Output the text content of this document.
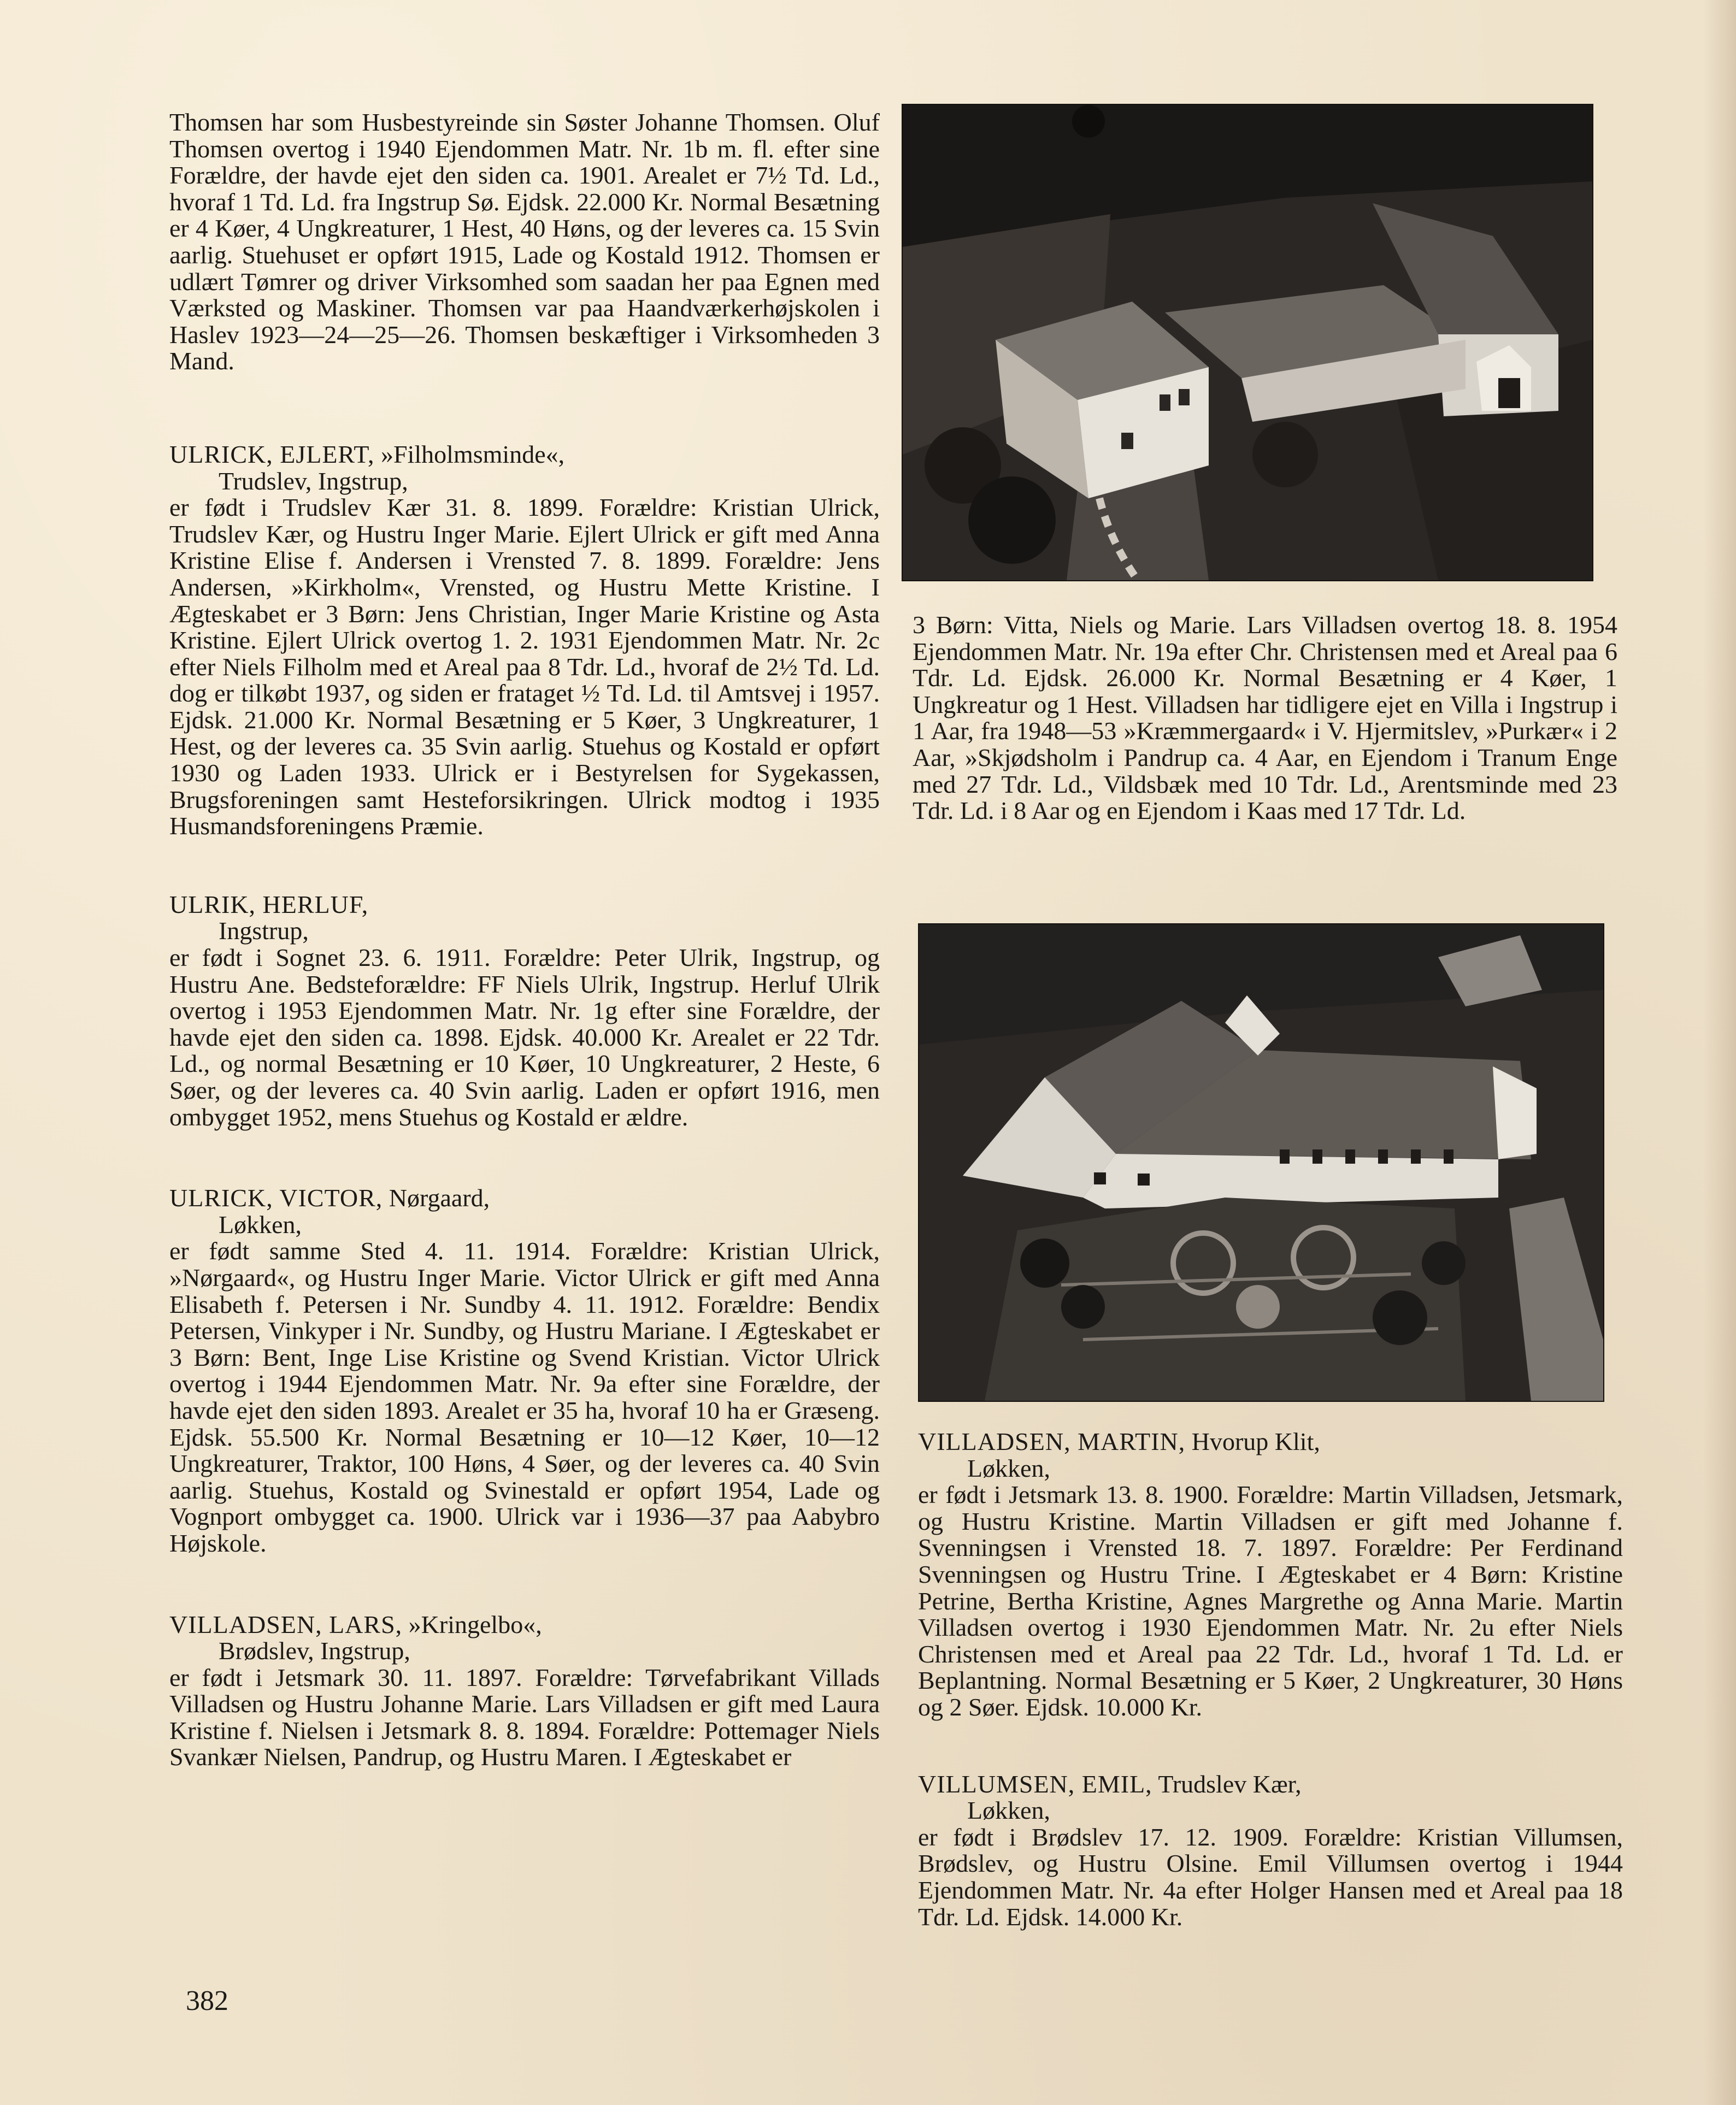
Thomsen har som Husbestyreinde sin Søster Johanne Thomsen. Oluf Thomsen overtog i 1940 Ejendommen Matr. Nr. 1b m. fl. efter sine Forældre, der havde ejet den siden ca. 1901. Arealet er 7½ Td. Ld., hvoraf 1 Td. Ld. fra Ingstrup Sø. Ejdsk. 22.000 Kr. Normal Besætning er 4 Køer, 4 Ungkreaturer, 1 Hest, 40 Høns, og der leveres ca. 15 Svin aarlig. Stuehuset er opført 1915, Lade og Kostald 1912. Thomsen er udlært Tømrer og driver Virksomhed som saadan her paa Egnen med Værksted og Maskiner. Thomsen var paa Haandværkerhøjskolen i Haslev 1923—24—25—26. Thomsen beskæftiger i Virksomheden 3 Mand.

ULRICK, EJLERT, »Filholmsminde«,
Trudslev, Ingstrup,

er født i Trudslev Kær 31. 8. 1899. Forældre: Kristian Ulrick, Trudslev Kær, og Hustru Inger Marie. Ejlert Ulrick er gift med Anna Kristine Elise f. Andersen i Vrensted 7. 8. 1899. Forældre: Jens Andersen, »Kirkholm«, Vrensted, og Hustru Mette Kristine. I Ægteskabet er 3 Børn: Jens Christian, Inger Marie Kristine og Asta Kristine. Ejlert Ulrick overtog 1. 2. 1931 Ejendommen Matr. Nr. 2c efter Niels Filholm med et Areal paa 8 Tdr. Ld., hvoraf de 2½ Td. Ld. dog er tilkøbt 1937, og siden er frataget ½ Td. Ld. til Amtsvej i 1957. Ejdsk. 21.000 Kr. Normal Besætning er 5 Køer, 3 Ungkreaturer, 1 Hest, og der leveres ca. 35 Svin aarlig. Stuehus og Kostald er opført 1930 og Laden 1933. Ulrick er i Bestyrelsen for Sygekassen, Brugsforeningen samt Hesteforsikringen. Ulrick modtog i 1935 Husmandsforeningens Præmie.

ULRIK, HERLUF,
Ingstrup,

er født i Sognet 23. 6. 1911. Forældre: Peter Ulrik, Ingstrup, og Hustru Ane. Bedsteforældre: FF Niels Ulrik, Ingstrup. Herluf Ulrik overtog i 1953 Ejendommen Matr. Nr. 1g efter sine Forældre, der havde ejet den siden ca. 1898. Ejdsk. 40.000 Kr. Arealet er 22 Tdr. Ld., og normal Besætning er 10 Køer, 10 Ungkreaturer, 2 Heste, 6 Søer, og der leveres ca. 40 Svin aarlig. Laden er opført 1916, men ombygget 1952, mens Stuehus og Kostald er ældre.

ULRICK, VICTOR, Nørgaard,
Løkken,

er født samme Sted 4. 11. 1914. Forældre: Kristian Ulrick, »Nørgaard«, og Hustru Inger Marie. Victor Ulrick er gift med Anna Elisabeth f. Petersen i Nr. Sundby 4. 11. 1912. Forældre: Bendix Petersen, Vinkyper i Nr. Sundby, og Hustru Mariane. I Ægteskabet er 3 Børn: Bent, Inge Lise Kristine og Svend Kristian. Victor Ulrick overtog i 1944 Ejendommen Matr. Nr. 9a efter sine Forældre, der havde ejet den siden 1893. Arealet er 35 ha, hvoraf 10 ha er Græseng. Ejdsk. 55.500 Kr. Normal Besætning er 10—12 Køer, 10—12 Ungkreaturer, Traktor, 100 Høns, 4 Søer, og der leveres ca. 40 Svin aarlig. Stuehus, Kostald og Svinestald er opført 1954, Lade og Vognport ombygget ca. 1900. Ulrick var i 1936—37 paa Aabybro Højskole.

VILLADSEN, LARS, »Kringelbo«,
Brødslev, Ingstrup,

er født i Jetsmark 30. 11. 1897. Forældre: Tørvefabrikant Villads Villadsen og Hustru Johanne Marie. Lars Villadsen er gift med Laura Kristine f. Nielsen i Jetsmark 8. 8. 1894. Forældre: Pottemager Niels Svankær Nielsen, Pandrup, og Hustru Maren. I Ægteskabet er

3 Børn: Vitta, Niels og Marie. Lars Villadsen overtog 18. 8. 1954 Ejendommen Matr. Nr. 19a efter Chr. Christensen med et Areal paa 6 Tdr. Ld. Ejdsk. 26.000 Kr. Normal Besætning er 4 Køer, 1 Ungkreatur og 1 Hest. Villadsen har tidligere ejet en Villa i Ingstrup i 1 Aar, fra 1948—53 »Kræmmergaard« i V. Hjermitslev, »Purkær« i 2 Aar, »Skjødsholm i Pandrup ca. 4 Aar, en Ejendom i Tranum Enge med 27 Tdr. Ld., Vildsbæk med 10 Tdr. Ld., Arentsminde med 23 Tdr. Ld. i 8 Aar og en Ejendom i Kaas med 17 Tdr. Ld.

VILLADSEN, MARTIN, Hvorup Klit,
Løkken,

er født i Jetsmark 13. 8. 1900. Forældre: Martin Villadsen, Jetsmark, og Hustru Kristine. Martin Villadsen er gift med Johanne f. Svenningsen i Vrensted 18. 7. 1897. Forældre: Per Ferdinand Svenningsen og Hustru Trine. I Ægteskabet er 4 Børn: Kristine Petrine, Bertha Kristine, Agnes Margrethe og Anna Marie. Martin Villadsen overtog i 1930 Ejendommen Matr. Nr. 2u efter Niels Christensen med et Areal paa 22 Tdr. Ld., hvoraf 1 Td. Ld. er Beplantning. Normal Besætning er 5 Køer, 2 Ungkreaturer, 30 Høns og 2 Søer. Ejdsk. 10.000 Kr.

VILLUMSEN, EMIL, Trudslev Kær,
Løkken,

er født i Brødslev 17. 12. 1909. Forældre: Kristian Villumsen, Brødslev, og Hustru Olsine. Emil Villumsen overtog i 1944 Ejendommen Matr. Nr. 4a efter Holger Hansen med et Areal paa 18 Tdr. Ld. Ejdsk. 14.000 Kr.

382
